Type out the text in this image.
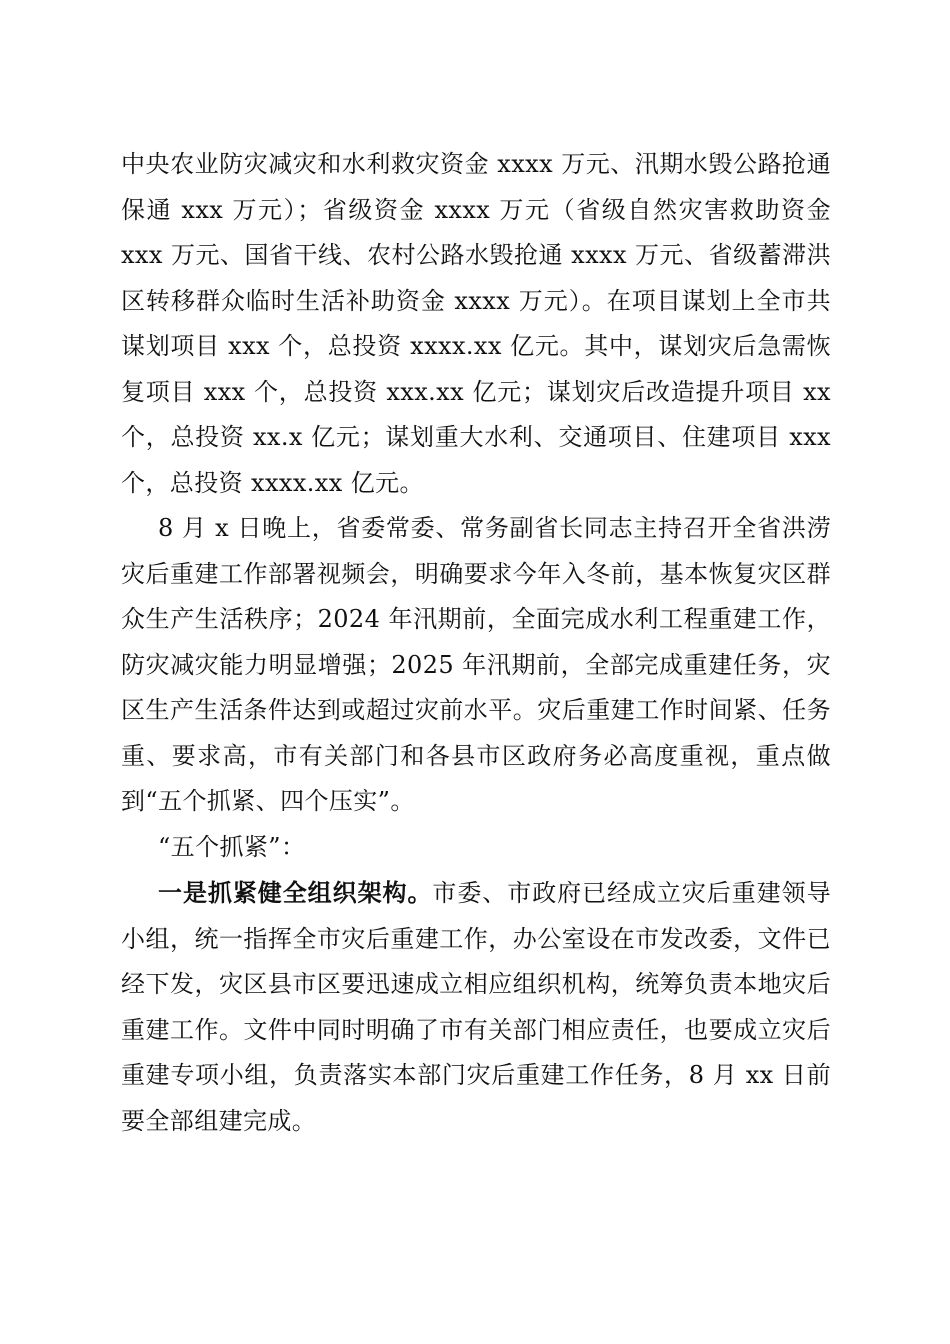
中央农业防灾减灾和水利救灾资金 xxxx 万元、汛期水毁公路抢通保通 xxx 万元）；省级资金 xxxx 万元（省级自然灾害救助资金 xxx 万元、国省干线、农村公路水毁抢通 xxxx 万元、省级蓄滞洪区转移群众临时生活补助资金 xxxx 万元）。在项目谋划上全市共谋划项目 xxx 个，总投资 xxxx.xx 亿元。其中，谋划灾后急需恢复项目 xxx 个，总投资 xxx.xx 亿元；谋划灾后改造提升项目 xx 个，总投资 xx.x 亿元；谋划重大水利、交通项目、住建项目 xxx 个，总投资 xxxx.xx 亿元。

8 月 x 日晚上，省委常委、常务副省长同志主持召开全省洪涝灾后重建工作部署视频会，明确要求今年入冬前，基本恢复灾区群众生产生活秩序；2024 年汛期前，全面完成水利工程重建工作，防灾减灾能力明显增强；2025 年汛期前，全部完成重建任务，灾区生产生活条件达到或超过灾前水平。灾后重建工作时间紧、任务重、要求高，市有关部门和各县市区政府务必高度重视，重点做到“五个抓紧、四个压实”。

“五个抓紧”：

一是抓紧健全组织架构。市委、市政府已经成立灾后重建领导小组，统一指挥全市灾后重建工作，办公室设在市发改委，文件已经下发，灾区县市区要迅速成立相应组织机构，统筹负责本地灾后重建工作。文件中同时明确了市有关部门相应责任，也要成立灾后重建专项小组，负责落实本部门灾后重建工作任务，8 月 xx 日前要全部组建完成。
